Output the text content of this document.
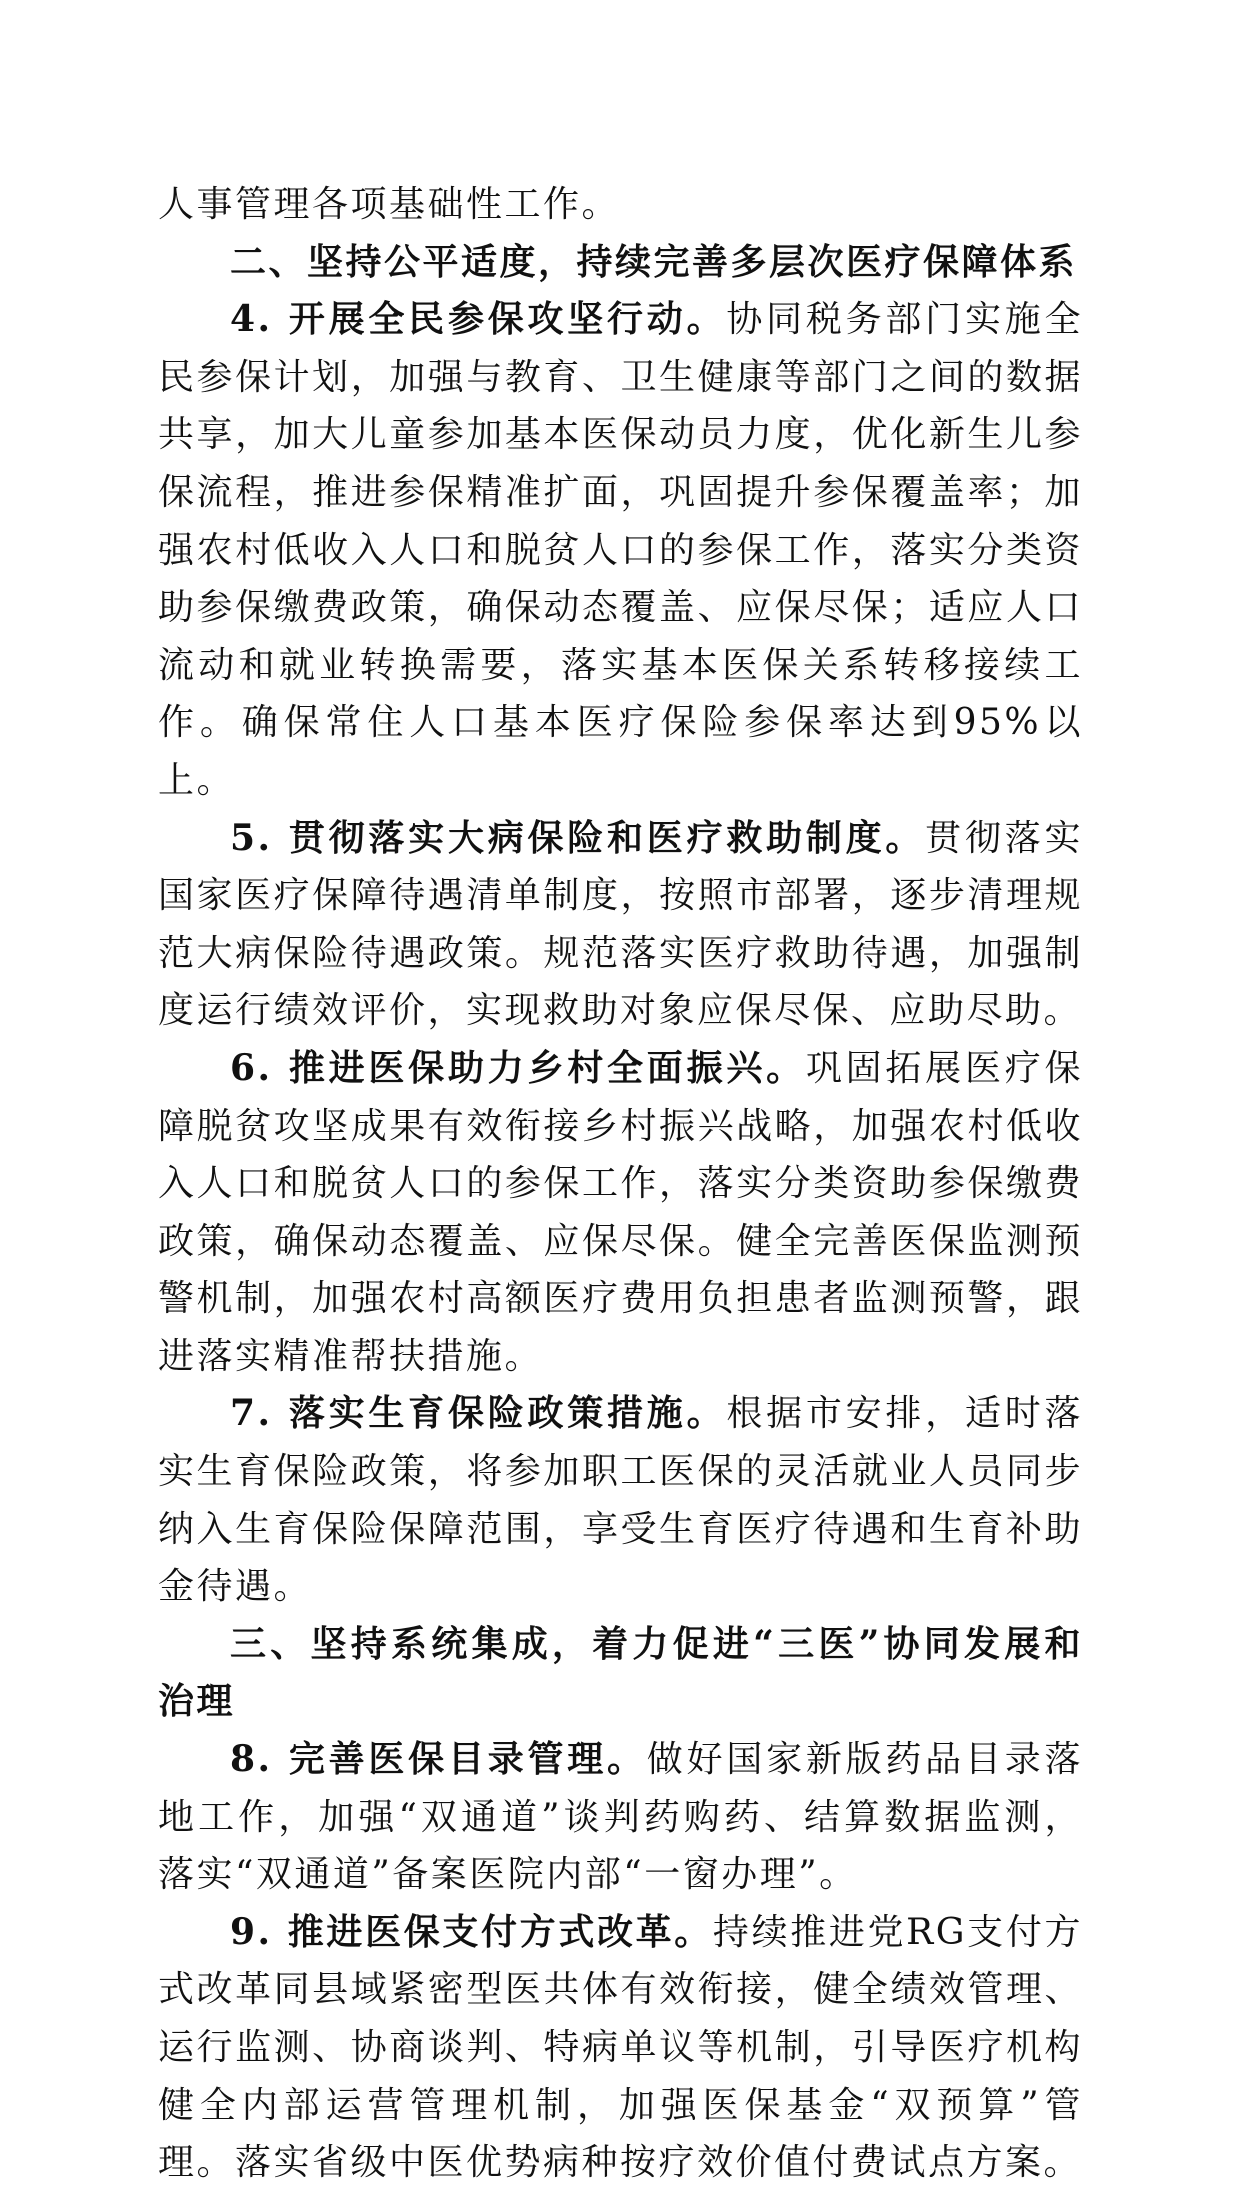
人事管理各项基础性工作。

二、坚持公平适度，持续完善多层次医疗保障体系

4. 开展全民参保攻坚行动。协同税务部门实施全民参保计划，加强与教育、卫生健康等部门之间的数据共享，加大儿童参加基本医保动员力度，优化新生儿参保流程，推进参保精准扩面，巩固提升参保覆盖率；加强农村低收入人口和脱贫人口的参保工作，落实分类资助参保缴费政策，确保动态覆盖、应保尽保；适应人口流动和就业转换需要，落实基本医保关系转移接续工作。确保常住人口基本医疗保险参保率达到95%以上。

5. 贯彻落实大病保险和医疗救助制度。贯彻落实国家医疗保障待遇清单制度，按照市部署，逐步清理规范大病保险待遇政策。规范落实医疗救助待遇，加强制度运行绩效评价，实现救助对象应保尽保、应助尽助。

6. 推进医保助力乡村全面振兴。巩固拓展医疗保障脱贫攻坚成果有效衔接乡村振兴战略，加强农村低收入人口和脱贫人口的参保工作，落实分类资助参保缴费政策，确保动态覆盖、应保尽保。健全完善医保监测预警机制，加强农村高额医疗费用负担患者监测预警，跟进落实精准帮扶措施。

7. 落实生育保险政策措施。根据市安排，适时落实生育保险政策，将参加职工医保的灵活就业人员同步纳入生育保险保障范围，享受生育医疗待遇和生育补助金待遇。

三、坚持系统集成，着力促进“三医”协同发展和治理

8. 完善医保目录管理。做好国家新版药品目录落地工作，加强“双通道”谈判药购药、结算数据监测，落实“双通道”备案医院内部“一窗办理”。

9. 推进医保支付方式改革。持续推进党RG支付方式改革同县域紧密型医共体有效衔接，健全绩效管理、运行监测、协商谈判、特病单议等机制，引导医疗机构健全内部运营管理机制，加强医保基金“双预算”管理。落实省级中医优势病种按疗效价值付费试点方案。
